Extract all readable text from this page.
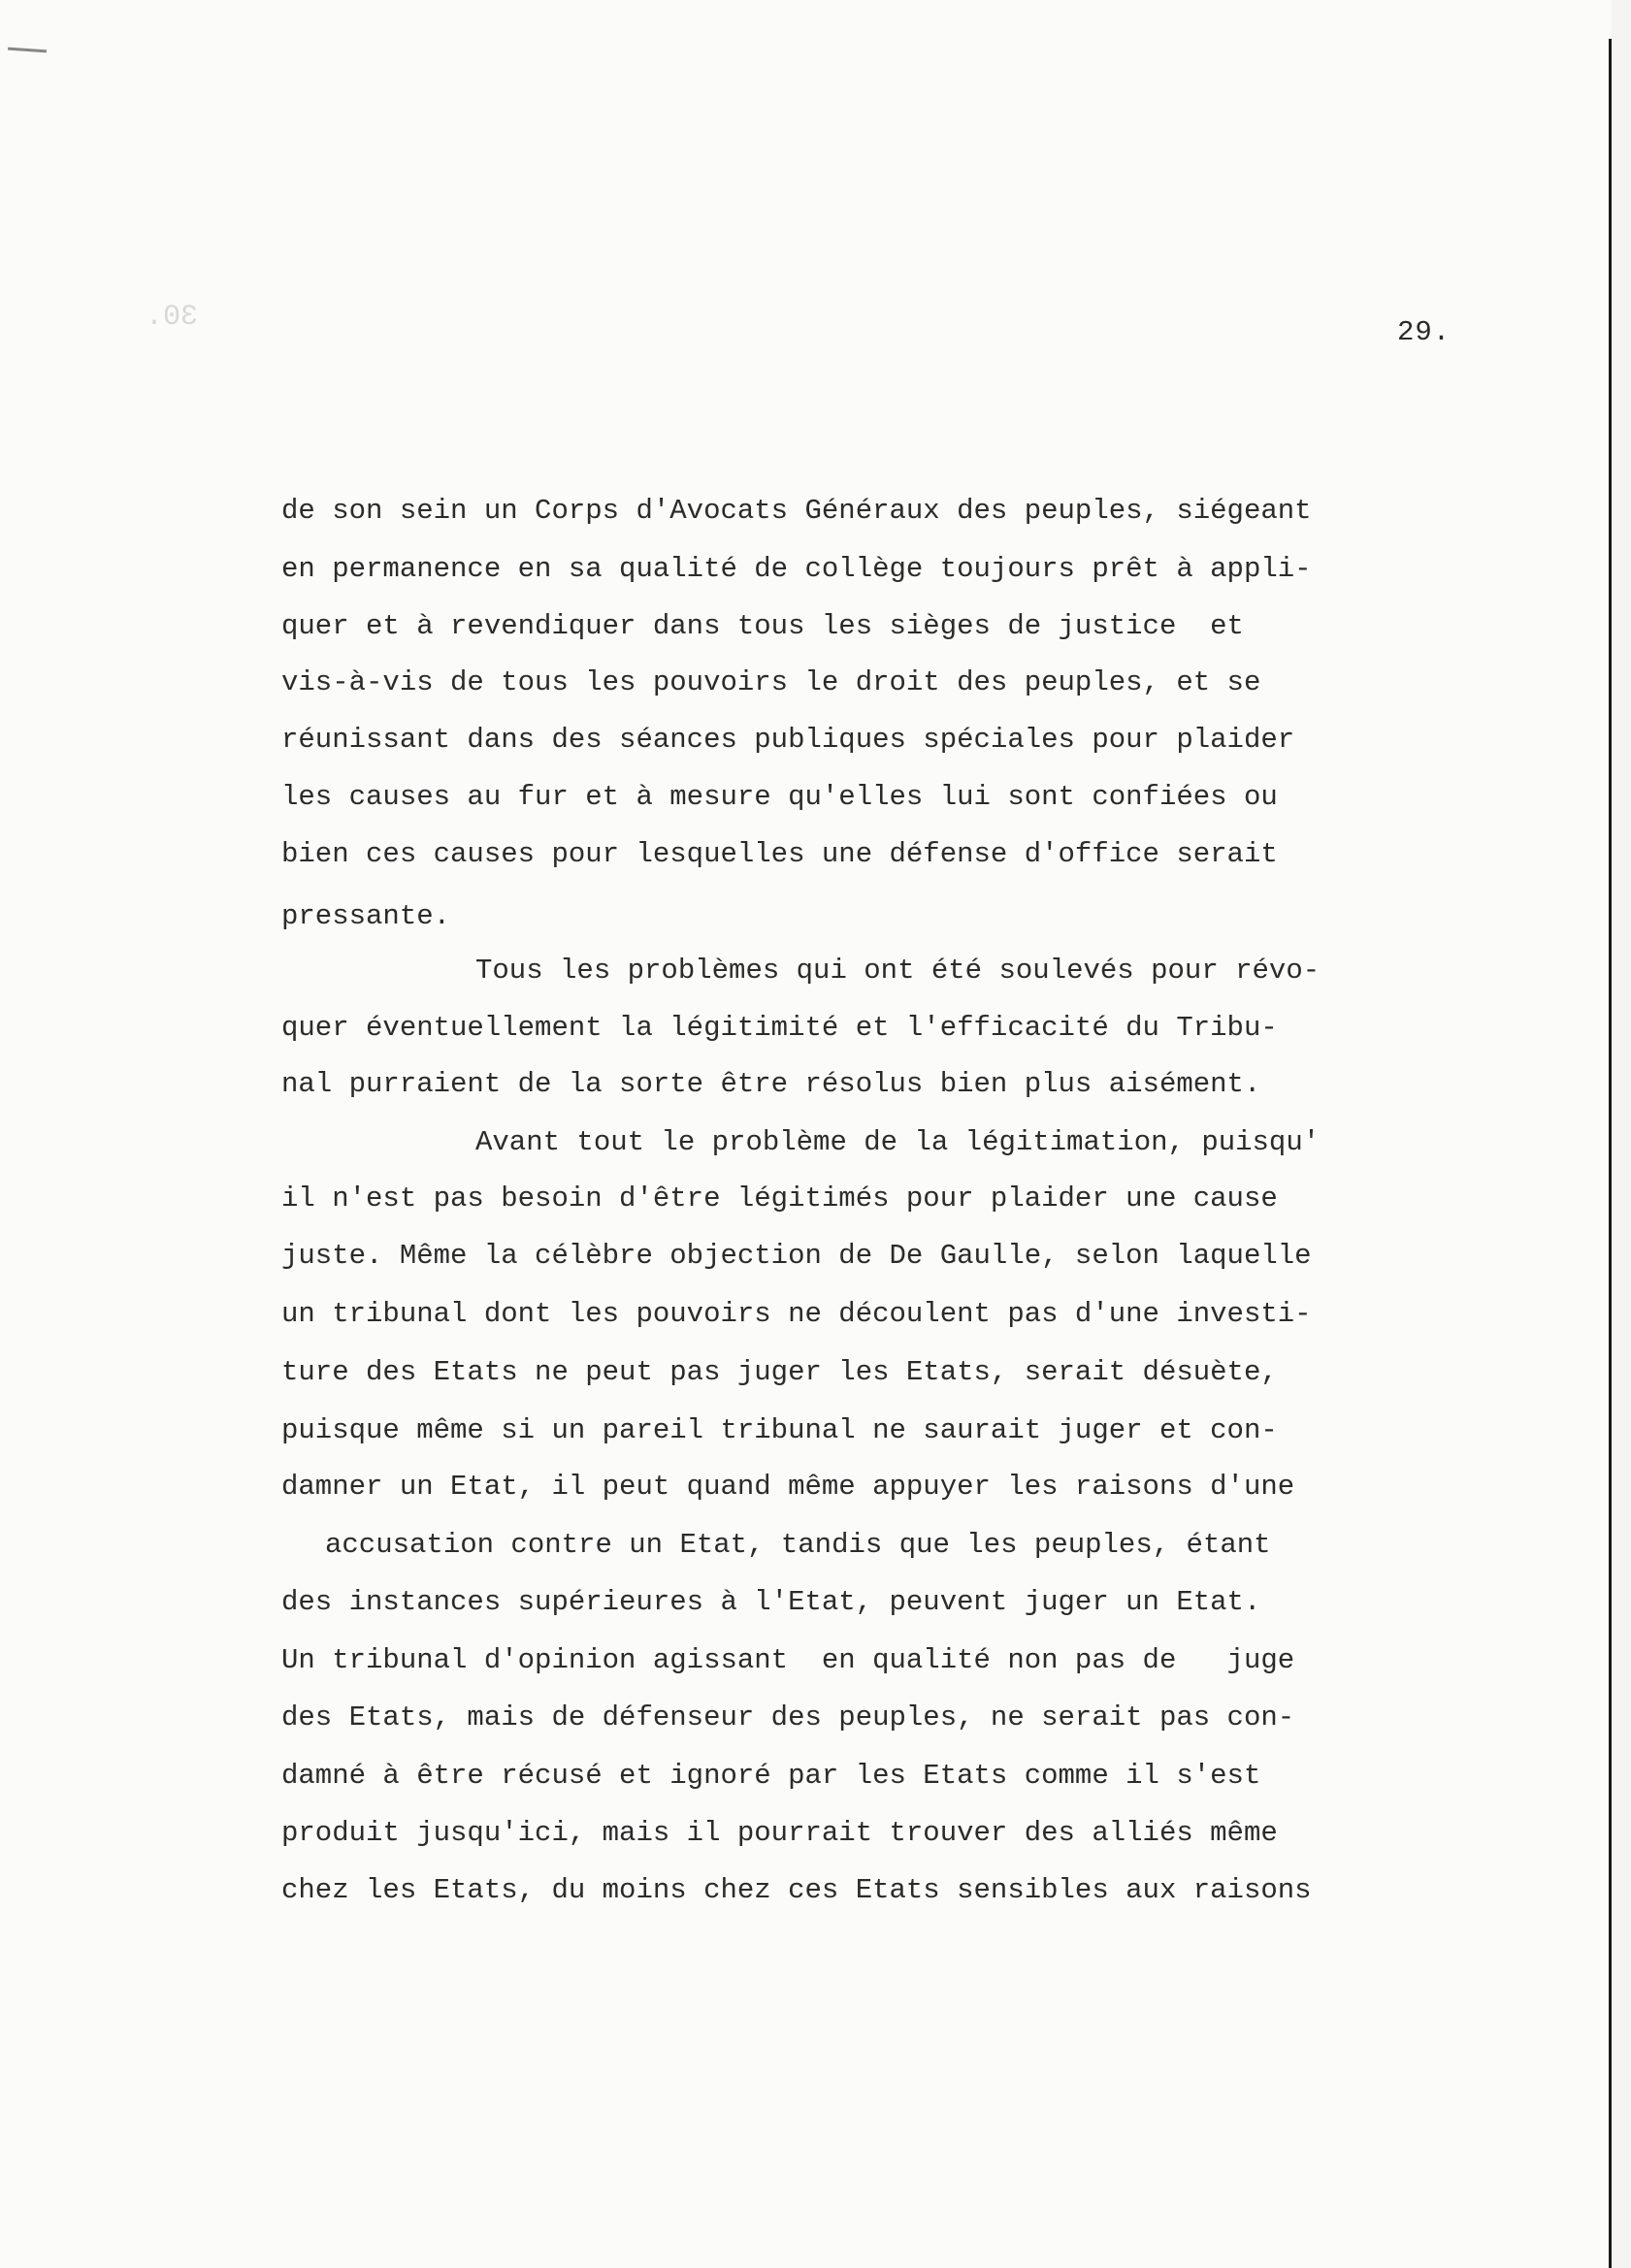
30.	29.

de son sein un Corps d'Avocats Généraux des peuples, siégeant

en permanence en sa qualité de collège toujours prêt à appli-

quer et à revendiquer dans tous les sièges de justice  et

vis-à-vis de tous les pouvoirs le droit des peuples, et se

réunissant dans des séances publiques spéciales pour plaider

les causes au fur et à mesure qu'elles lui sont confiées ou

bien ces causes pour lesquelles une défense d'office serait

pressante.

Tous les problèmes qui ont été soulevés pour révo-

quer éventuellement la légitimité et l'efficacité du Tribu-

nal purraient de la sorte être résolus bien plus aisément.

Avant tout le problème de la légitimation, puisqu'

il n'est pas besoin d'être légitimés pour plaider une cause

juste. Même la célèbre objection de De Gaulle, selon laquelle

un tribunal dont les pouvoirs ne découlent pas d'une investi-

ture des Etats ne peut pas juger les Etats, serait désuète,

puisque même si un pareil tribunal ne saurait juger et con-

damner un Etat, il peut quand même appuyer les raisons d'une

accusation contre un Etat, tandis que les peuples, étant

des instances supérieures à l'Etat, peuvent juger un Etat.

Un tribunal d'opinion agissant  en qualité non pas de   juge

des Etats, mais de défenseur des peuples, ne serait pas con-

damné à être récusé et ignoré par les Etats comme il s'est

produit jusqu'ici, mais il pourrait trouver des alliés même

chez les Etats, du moins chez ces Etats sensibles aux raisons
